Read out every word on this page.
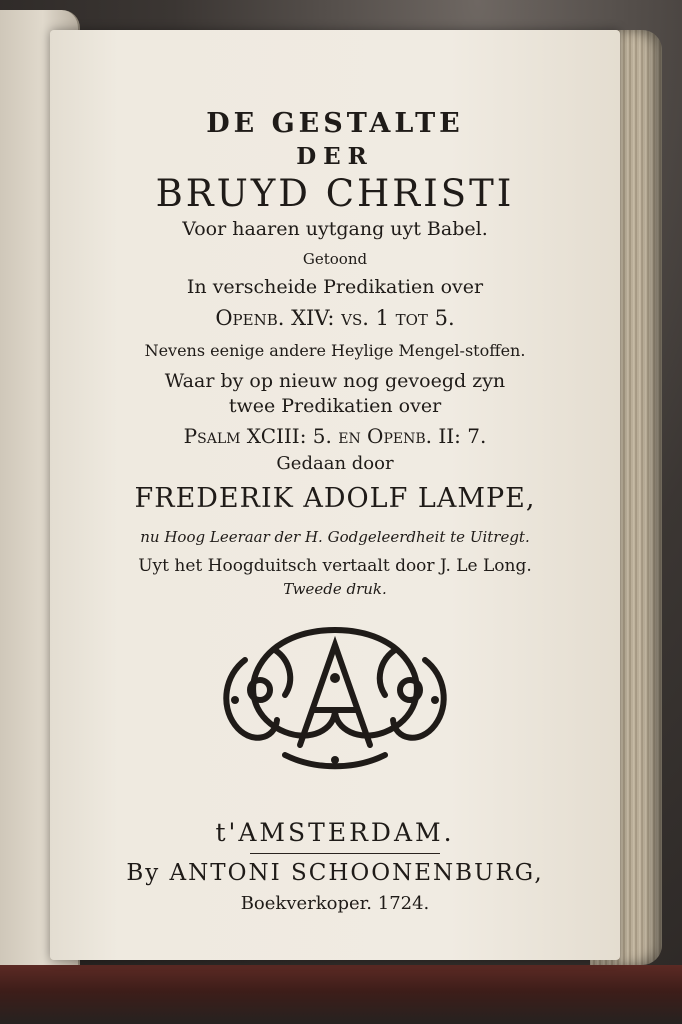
DE GESTALTE
DER
BRUYD CHRISTI
Voor haaren uytgang uyt Babel.
Getoond
In verscheide Predikatien over
Openb. XIV: vs. 1 tot 5.
Nevens eenige andere Heylige Mengel-stoffen.
Waar by op nieuw nog gevoegd zyn
twee Predikatien over
Psalm XCIII: 5. en Openb. II: 7.
Gedaan door
FREDERIK ADOLF LAMPE,
nu Hoog Leeraar der H. Godgeleerdheit te Uitregt.
Uyt het Hoogduitsch vertaalt door J. Le Long.
Tweede druk.
t'AMSTERDAM.
By ANTONI SCHOONENBURG,
Boekverkoper. 1724.
